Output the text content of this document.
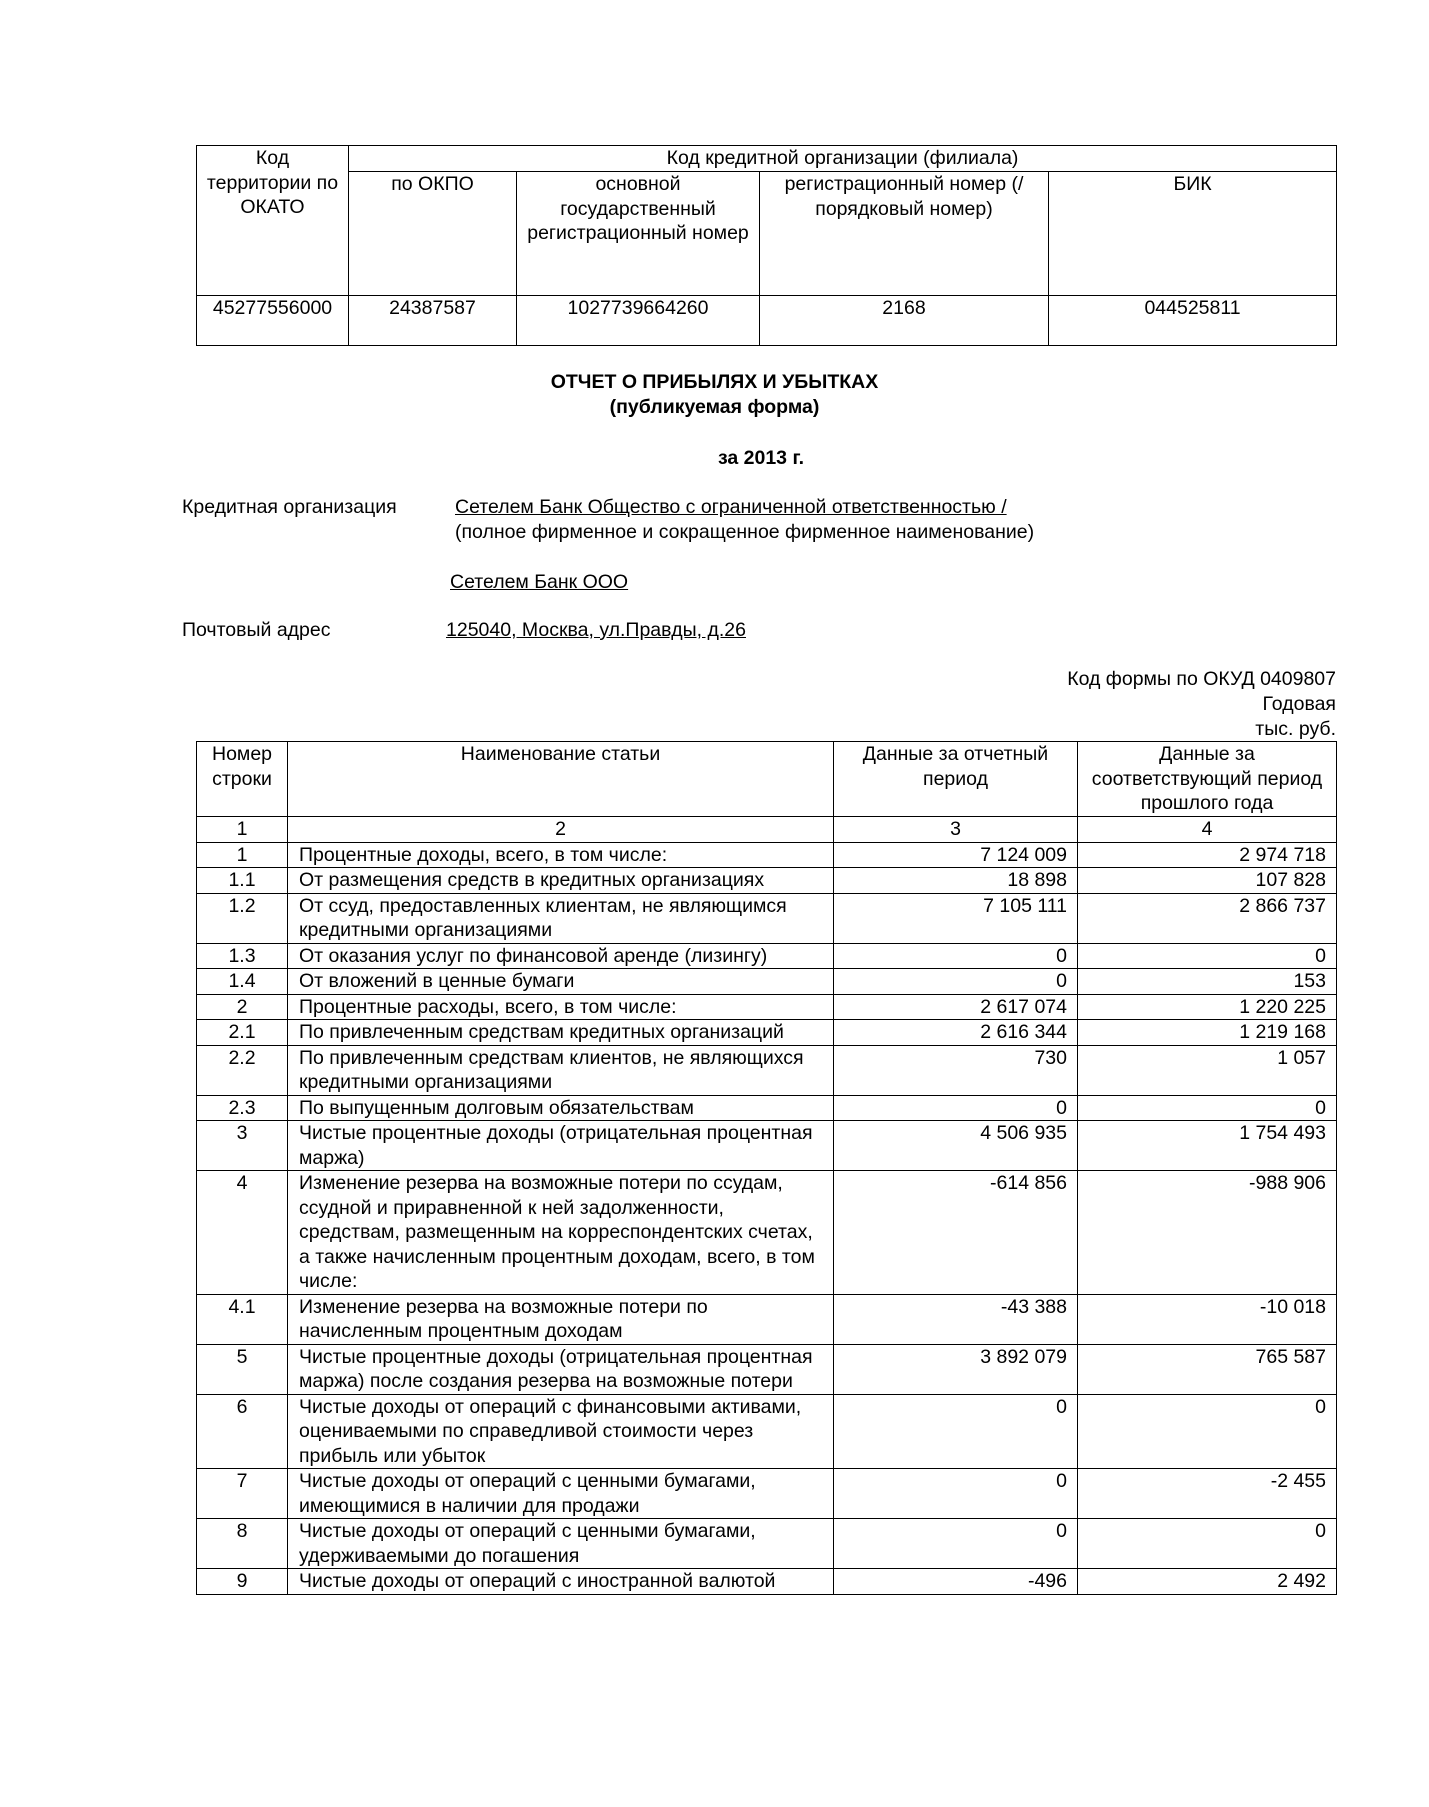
Код территории по ОКАТО	Код кредитной организации (филиала)			
	по ОКПО	основной государственный регистрационный номер	регистрационный номер (/порядковый номер)	БИК
45277556000	24387587	1027739664260	2168	044525811
ОТЧЕТ О ПРИБЫЛЯХ И УБЫТКАХ
(публикуемая форма)
за 2013 г.
Кредитная организация	Сетелем Банк Общество с ограниченной ответственностью /
(полное фирменное и сокращенное фирменное наименование)
Сетелем Банк ООО
Почтовый адрес	125040, Москва, ул.Правды, д.26
Код формы по ОКУД 0409807
Годовая
тыс. руб.
Номер строки	Наименование статьи	Данные за отчетный период	Данные за соответствующий период прошлого года
1	2	3	4
1	Процентные доходы, всего, в том числе:	7 124 009	2 974 718
1.1	От размещения средств в кредитных организациях	18 898	107 828
1.2	От ссуд, предоставленных клиентам, не являющимся кредитными организациями	7 105 111	2 866 737
1.3	От оказания услуг по финансовой аренде (лизингу)	0	0
1.4	От вложений в ценные бумаги	0	153
2	Процентные расходы, всего, в том числе:	2 617 074	1 220 225
2.1	По привлеченным средствам кредитных организаций	2 616 344	1 219 168
2.2	По привлеченным средствам клиентов, не являющихся кредитными организациями	730	1 057
2.3	По выпущенным долговым обязательствам	0	0
3	Чистые процентные доходы (отрицательная процентная маржа)	4 506 935	1 754 493
4	Изменение резерва на возможные потери по ссудам, ссудной и приравненной к ней задолженности, средствам, размещенным на корреспондентских счетах, а также начисленным процентным доходам, всего, в том числе:	-614 856	-988 906
4.1	Изменение резерва на возможные потери по начисленным процентным доходам	-43 388	-10 018
5	Чистые процентные доходы (отрицательная процентная маржа) после создания резерва на возможные потери	3 892 079	765 587
6	Чистые доходы от операций с финансовыми активами, оцениваемыми по справедливой стоимости через прибыль или убыток	0	0
7	Чистые доходы от операций с ценными бумагами, имеющимися в наличии для продажи	0	-2 455
8	Чистые доходы от операций с ценными бумагами, удерживаемыми до погашения	0	0
9	Чистые доходы от операций с иностранной валютой	-496	2 492
